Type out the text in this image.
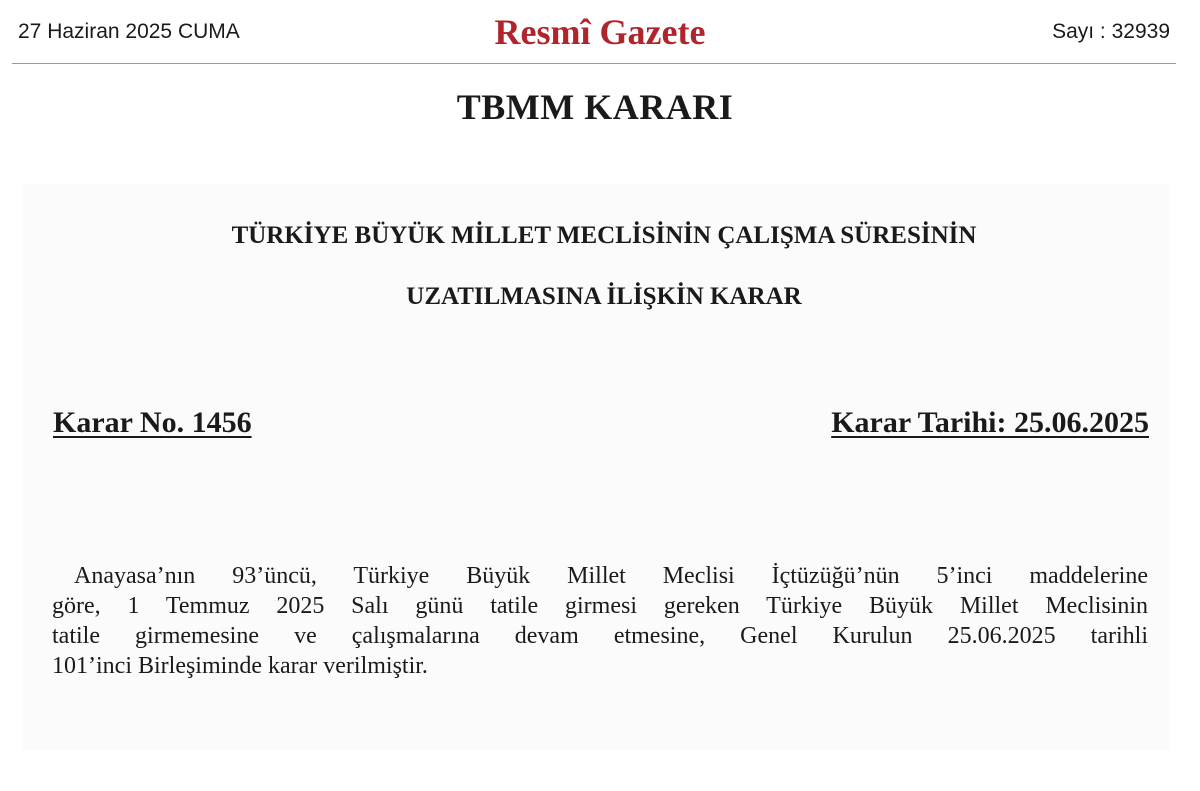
27 Haziran 2025 CUMA	Resmî Gazete	Sayı : 32939
TBMM KARARI
TÜRKİYE BÜYÜK MİLLET MECLİSİNİN ÇALIŞMA SÜRESİNİN
UZATILMASINA İLİŞKİN KARAR
Karar No. 1456	Karar Tarihi: 25.06.2025
Anayasa’nın 93’üncü, Türkiye Büyük Millet Meclisi İçtüzüğü’nün 5’inci maddelerine
göre, 1 Temmuz 2025 Salı günü tatile girmesi gereken Türkiye Büyük Millet Meclisinin
tatile girmemesine ve çalışmalarına devam etmesine, Genel Kurulun 25.06.2025 tarihli
101’inci Birleşiminde karar verilmiştir.
